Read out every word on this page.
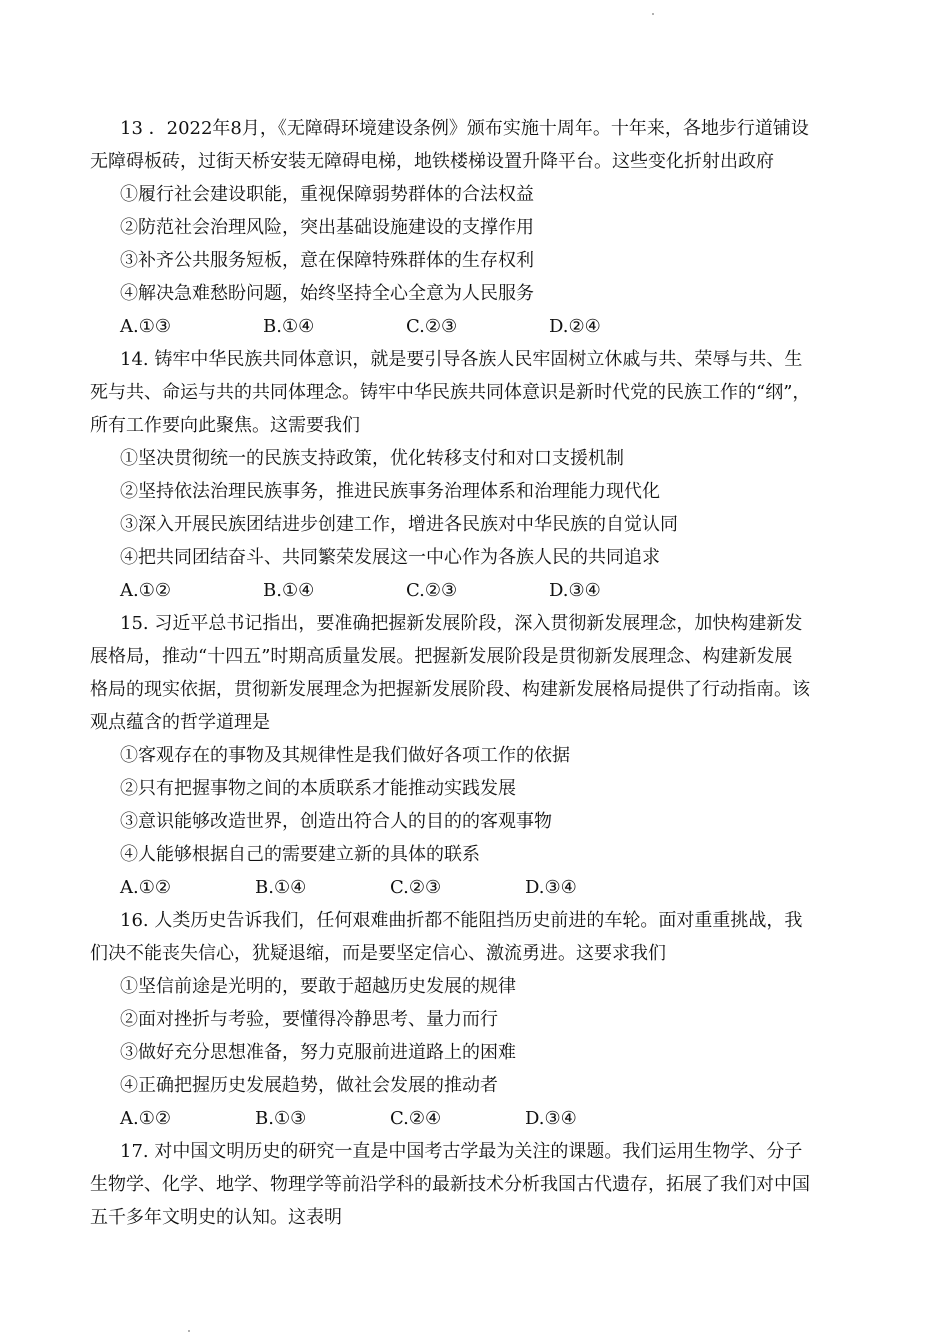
13 ．2022年8月，《无障碍环境建设条例》颁布实施十周年。十年来，各地步行道铺设
无障碍板砖，过街天桥安装无障碍电梯，地铁楼梯设置升降平台。这些变化折射出政府
①履行社会建设职能，重视保障弱势群体的合法权益
②防范社会治理风险，突出基础设施建设的支撑作用
③补齐公共服务短板，意在保障特殊群体的生存权利
④解决急难愁盼问题，始终坚持全心全意为人民服务
A.①③	B.①④	C.②③	D.②④
14. 铸牢中华民族共同体意识，就是要引导各族人民牢固树立休戚与共、荣辱与共、生
死与共、命运与共的共同体理念。铸牢中华民族共同体意识是新时代党的民族工作的“纲”，
所有工作要向此聚焦。这需要我们
①坚决贯彻统一的民族支持政策，优化转移支付和对口支援机制
②坚持依法治理民族事务，推进民族事务治理体系和治理能力现代化
③深入开展民族团结进步创建工作，增进各民族对中华民族的自觉认同
④把共同团结奋斗、共同繁荣发展这一中心作为各族人民的共同追求
A.①②	B.①④	C.②③	D.③④
15. 习近平总书记指出，要准确把握新发展阶段，深入贯彻新发展理念，加快构建新发
展格局，推动“十四五”时期高质量发展。把握新发展阶段是贯彻新发展理念、构建新发展
格局的现实依据，贯彻新发展理念为把握新发展阶段、构建新发展格局提供了行动指南。该
观点蕴含的哲学道理是
①客观存在的事物及其规律性是我们做好各项工作的依据
②只有把握事物之间的本质联系才能推动实践发展
③意识能够改造世界，创造出符合人的目的的客观事物
④人能够根据自己的需要建立新的具体的联系
A.①②	B.①④	C.②③	D.③④
16. 人类历史告诉我们，任何艰难曲折都不能阻挡历史前进的车轮。面对重重挑战，我
们决不能丧失信心，犹疑退缩，而是要坚定信心、激流勇进。这要求我们
①坚信前途是光明的，要敢于超越历史发展的规律
②面对挫折与考验，要懂得冷静思考、量力而行
③做好充分思想准备，努力克服前进道路上的困难
④正确把握历史发展趋势，做社会发展的推动者
A.①②	B.①③	C.②④	D.③④
17. 对中国文明历史的研究一直是中国考古学最为关注的课题。我们运用生物学、分子
生物学、化学、地学、物理学等前沿学科的最新技术分析我国古代遗存，拓展了我们对中国
五千多年文明史的认知。这表明
